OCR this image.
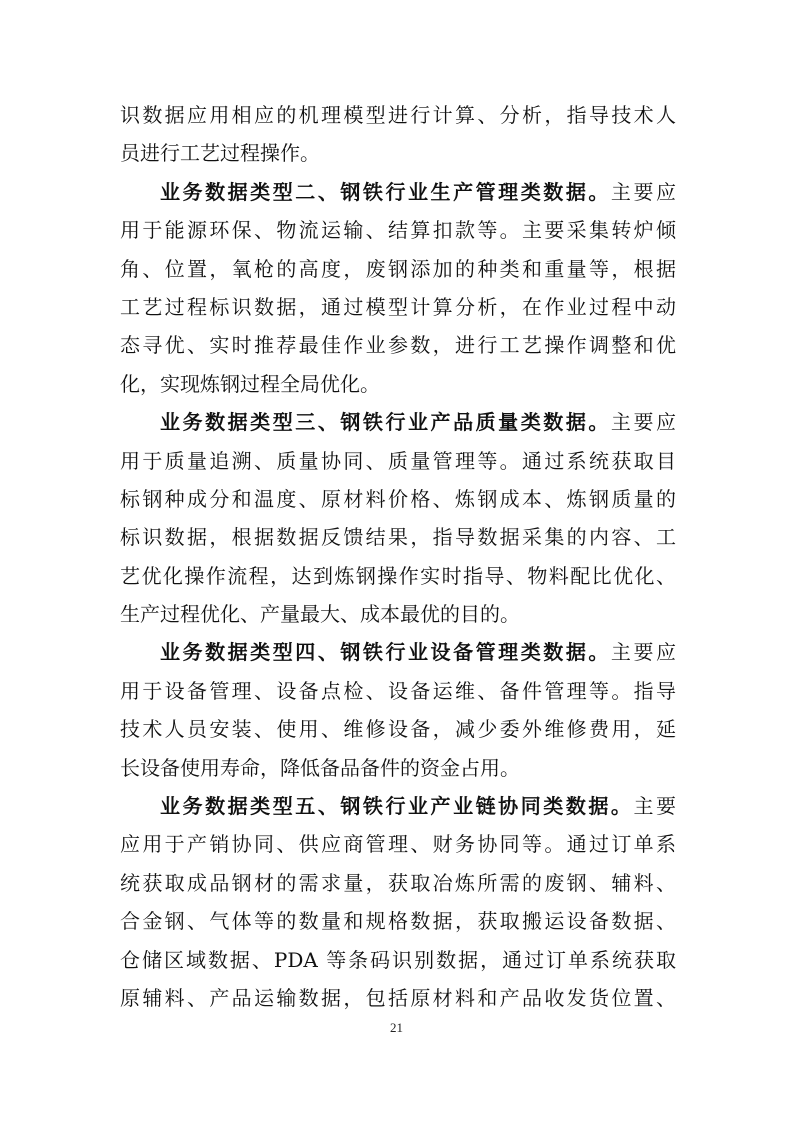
识数据应用相应的机理模型进行计算、分析，指导技术人
员进行工艺过程操作。
业务数据类型二、钢铁行业生产管理类数据。主要应
用于能源环保、物流运输、结算扣款等。主要采集转炉倾
角、位置，氧枪的高度，废钢添加的种类和重量等，根据
工艺过程标识数据，通过模型计算分析，在作业过程中动
态寻优、实时推荐最佳作业参数，进行工艺操作调整和优
化，实现炼钢过程全局优化。
业务数据类型三、钢铁行业产品质量类数据。主要应
用于质量追溯、质量协同、质量管理等。通过系统获取目
标钢种成分和温度、原材料价格、炼钢成本、炼钢质量的
标识数据，根据数据反馈结果，指导数据采集的内容、工
艺优化操作流程，达到炼钢操作实时指导、物料配比优化、
生产过程优化、产量最大、成本最优的目的。
业务数据类型四、钢铁行业设备管理类数据。主要应
用于设备管理、设备点检、设备运维、备件管理等。指导
技术人员安装、使用、维修设备，减少委外维修费用，延
长设备使用寿命，降低备品备件的资金占用。
业务数据类型五、钢铁行业产业链协同类数据。主要
应用于产销协同、供应商管理、财务协同等。通过订单系
统获取成品钢材的需求量，获取冶炼所需的废钢、辅料、
合金钢、气体等的数量和规格数据，获取搬运设备数据、
仓储区域数据、PDA 等条码识别数据，通过订单系统获取
原辅料、产品运输数据，包括原材料和产品收发货位置、
21
